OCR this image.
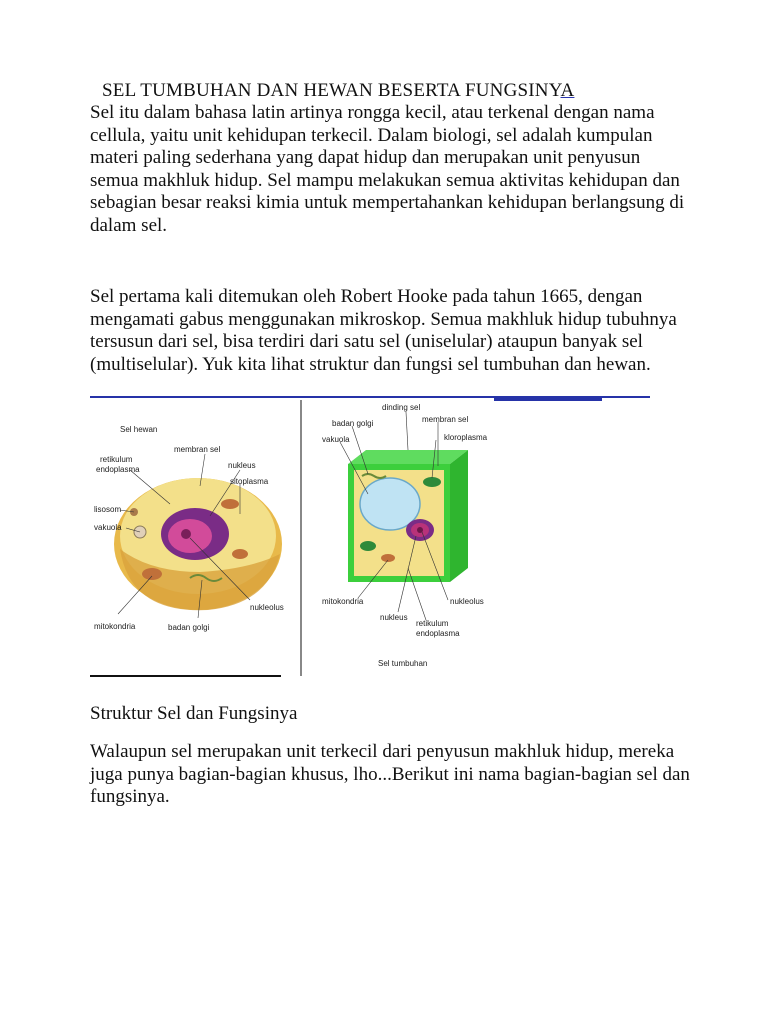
SEL TUMBUHAN DAN HEWAN BESERTA FUNGSINYA

Sel itu dalam bahasa latin artinya rongga kecil, atau terkenal dengan nama cellula, yaitu unit kehidupan terkecil. Dalam biologi, sel adalah kumpulan materi paling sederhana yang dapat hidup dan merupakan unit penyusun semua makhluk hidup. Sel mampu melakukan semua aktivitas kehidupan dan sebagian besar reaksi kimia untuk mempertahankan kehidupan berlangsung di dalam sel.

Sel pertama kali ditemukan oleh Robert Hooke pada tahun 1665, dengan mengamati gabus menggunakan mikroskop. Semua makhluk hidup tubuhnya tersusun dari sel, bisa terdiri dari satu sel (uniselular) ataupun banyak sel (multiselular). Yuk kita lihat struktur dan fungsi sel tumbuhan dan hewan.

Sel hewan
membran sel
retikulum
endoplasma	nukleus
sitoplasma
lisosom
vakuola
nukleolus
mitokondria	badan golgi
dinding sel
badan golgi	membran sel
vakuola	kloroplasma
mitokondria	nukleolus
nukleus
retikulum
endoplasma
Sel tumbuhan
Struktur Sel dan Fungsinya

Walaupun sel merupakan unit terkecil dari penyusun makhluk hidup, mereka juga punya bagian-bagian khusus, lho...Berikut ini nama bagian-bagian sel dan fungsinya.
